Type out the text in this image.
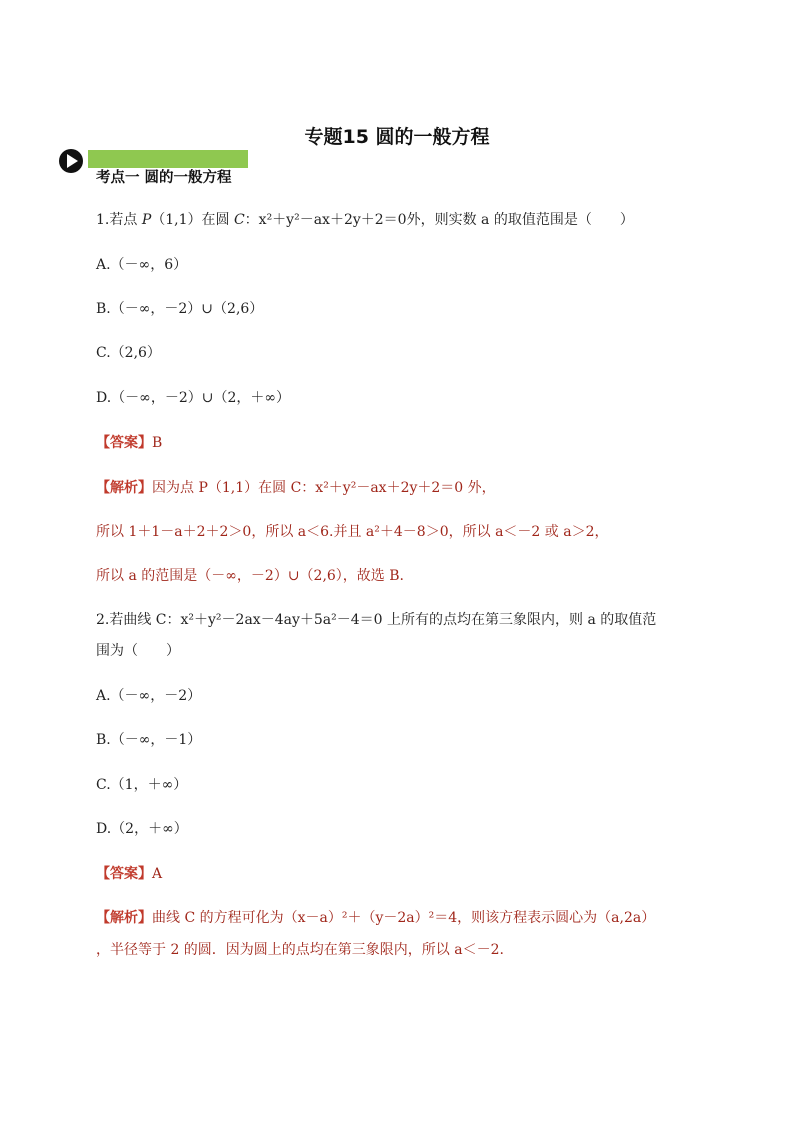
专题15 圆的一般方程
考点一 圆的一般方程
1.若点 P（1,1）在圆 C：x²＋y²－ax＋2y＋2＝0外，则实数 a 的取值范围是（　　）
A.（－∞，6）
B.（－∞，－2）∪（2,6）
C.（2,6）
D.（－∞，－2）∪（2，＋∞）
【答案】B
【解析】因为点 P（1,1）在圆 C：x²＋y²－ax＋2y＋2＝0 外，
所以 1＋1－a＋2＋2＞0，所以 a＜6.并且 a²＋4－8＞0，所以 a＜－2 或 a＞2，
所以 a 的范围是（－∞，－2）∪（2,6），故选 B.
2.若曲线 C：x²＋y²－2ax－4ay＋5a²－4＝0 上所有的点均在第三象限内，则 a 的取值范
围为（　　）
A.（－∞，－2）
B.（－∞，－1）
C.（1，＋∞）
D.（2，＋∞）
【答案】A
【解析】曲线 C 的方程可化为（x－a）²＋（y－2a）²＝4，则该方程表示圆心为（a,2a）
，半径等于 2 的圆．因为圆上的点均在第三象限内，所以 a＜－2.
